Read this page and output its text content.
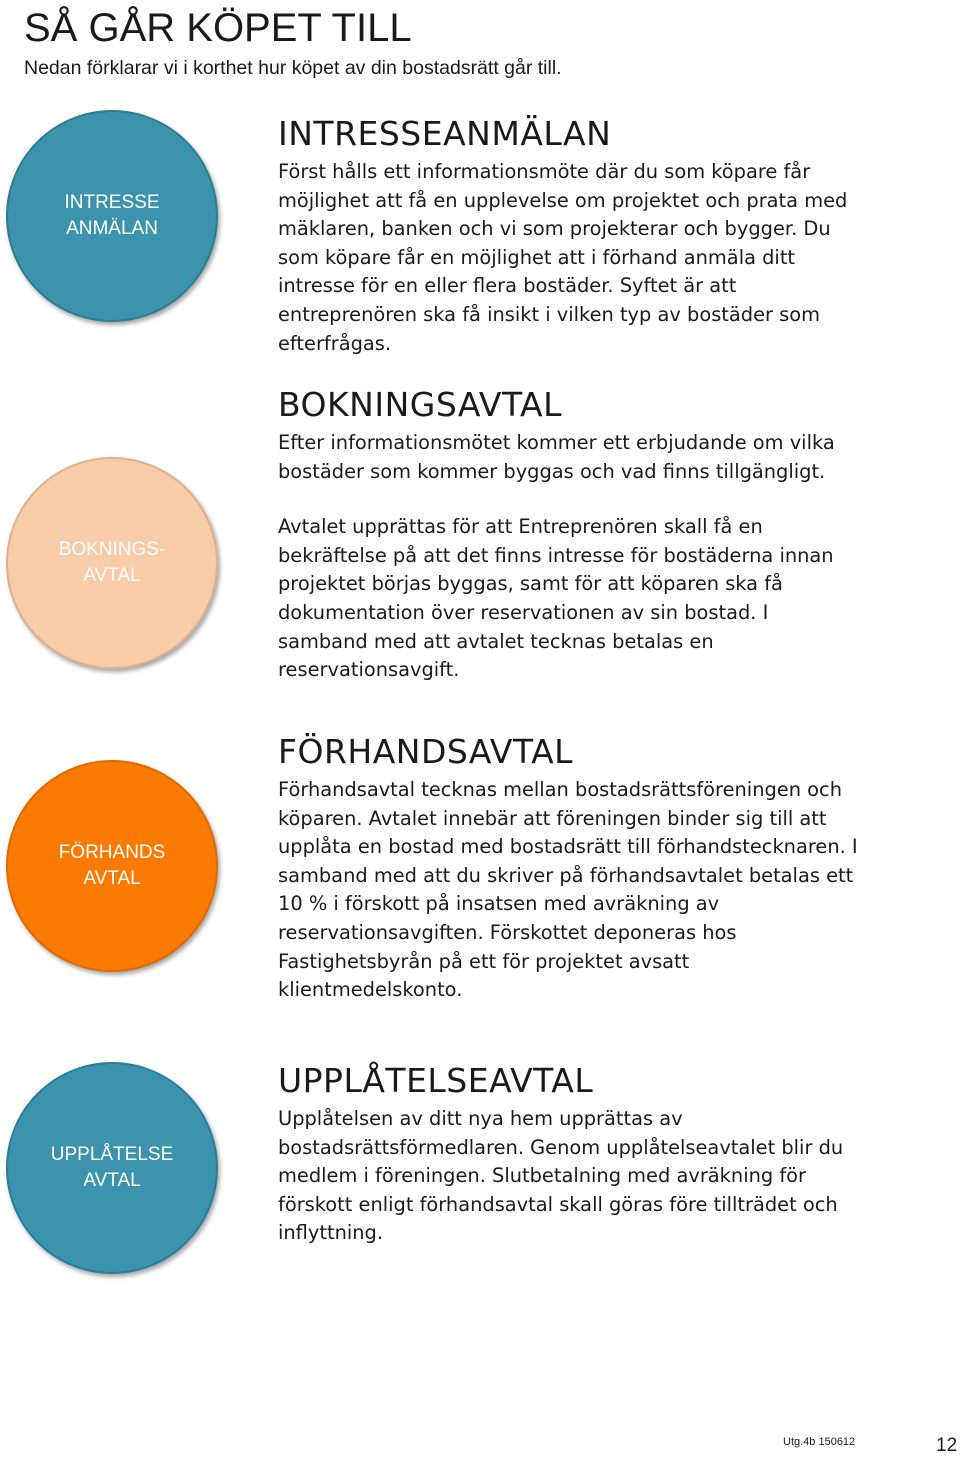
SÅ GÅR KÖPET TILL
Nedan förklarar vi i korthet hur köpet av din bostadsrätt går till.
INTRESSE
ANMÄLAN
BOKNINGS-
AVTAL
FÖRHANDS
AVTAL
UPPLÅTELSE
AVTAL
INTRESSEANMÄLAN

Först hålls ett informationsmöte där du som köpare får
möjlighet att få en upplevelse om projektet och prata med
mäklaren, banken och vi som projekterar och bygger. Du
som köpare får en möjlighet att i förhand anmäla ditt
intresse för en eller flera bostäder. Syftet är att
entreprenören ska få insikt i vilken typ av bostäder som
efterfrågas.

BOKNINGSAVTAL

Efter informationsmötet kommer ett erbjudande om vilka
bostäder som kommer byggas och vad finns tillgängligt.

Avtalet upprättas för att Entreprenören skall få en
bekräftelse på att det finns intresse för bostäderna innan
projektet börjas byggas, samt för att köparen ska få
dokumentation över reservationen av sin bostad. I
samband med att avtalet tecknas betalas en
reservationsavgift.

FÖRHANDSAVTAL

Förhandsavtal tecknas mellan bostadsrättsföreningen och
köparen. Avtalet innebär att föreningen binder sig till att
upplåta en bostad med bostadsrätt till förhandstecknaren. I
samband med att du skriver på förhandsavtalet betalas ett
10 % i förskott på insatsen med avräkning av
reservationsavgiften. Förskottet deponeras hos
Fastighetsbyrån på ett för projektet avsatt
klientmedelskonto.

UPPLÅTELSEAVTAL

Upplåtelsen av ditt nya hem upprättas av
bostadsrättsförmedlaren. Genom upplåtelseavtalet blir du
medlem i föreningen. Slutbetalning med avräkning för
förskott enligt förhandsavtal skall göras före tillträdet och
inflyttning.

Utg.4b 150612	12
